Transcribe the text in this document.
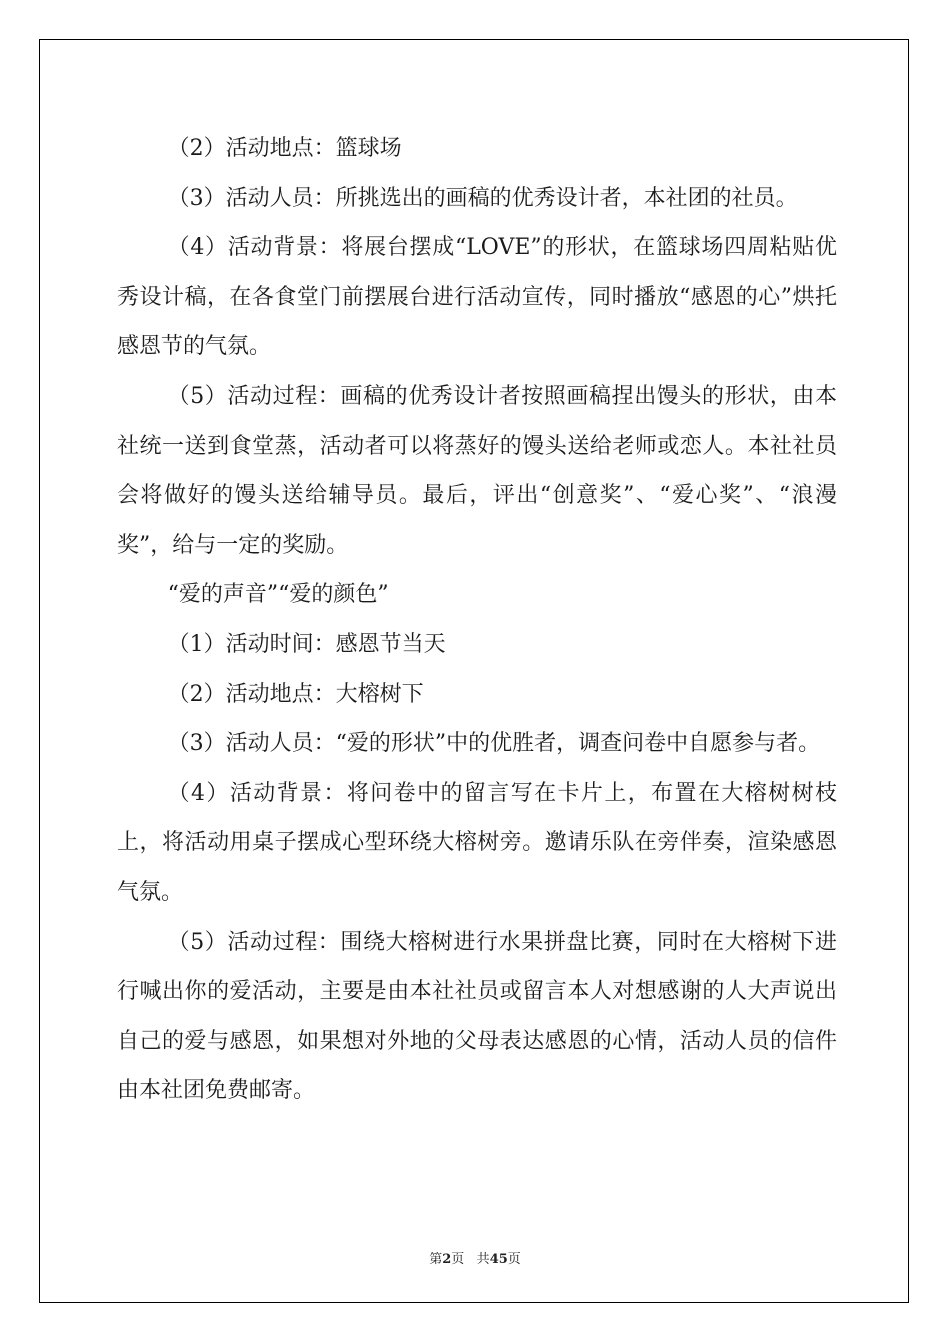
（2）活动地点：篮球场

（3）活动人员：所挑选出的画稿的优秀设计者，本社团的社员。

（4）活动背景：将展台摆成“LOVE”的形状，在篮球场四周粘贴优秀设计稿，在各食堂门前摆展台进行活动宣传，同时播放“感恩的心”烘托感恩节的气氛。

（5）活动过程：画稿的优秀设计者按照画稿捏出馒头的形状，由本社统一送到食堂蒸，活动者可以将蒸好的馒头送给老师或恋人。本社社员会将做好的馒头送给辅导员。最后，评出“创意奖”、“爱心奖”、“浪漫奖”，给与一定的奖励。

“爱的声音”“爱的颜色”

（1）活动时间：感恩节当天

（2）活动地点：大榕树下

（3）活动人员：“爱的形状”中的优胜者，调查问卷中自愿参与者。

（4）活动背景：将问卷中的留言写在卡片上，布置在大榕树树枝上，将活动用桌子摆成心型环绕大榕树旁。邀请乐队在旁伴奏，渲染感恩气氛。

（5）活动过程：围绕大榕树进行水果拼盘比赛，同时在大榕树下进行喊出你的爱活动，主要是由本社社员或留言本人对想感谢的人大声说出自己的爱与感恩，如果想对外地的父母表达感恩的心情，活动人员的信件由本社团免费邮寄。

第2页 共45页
